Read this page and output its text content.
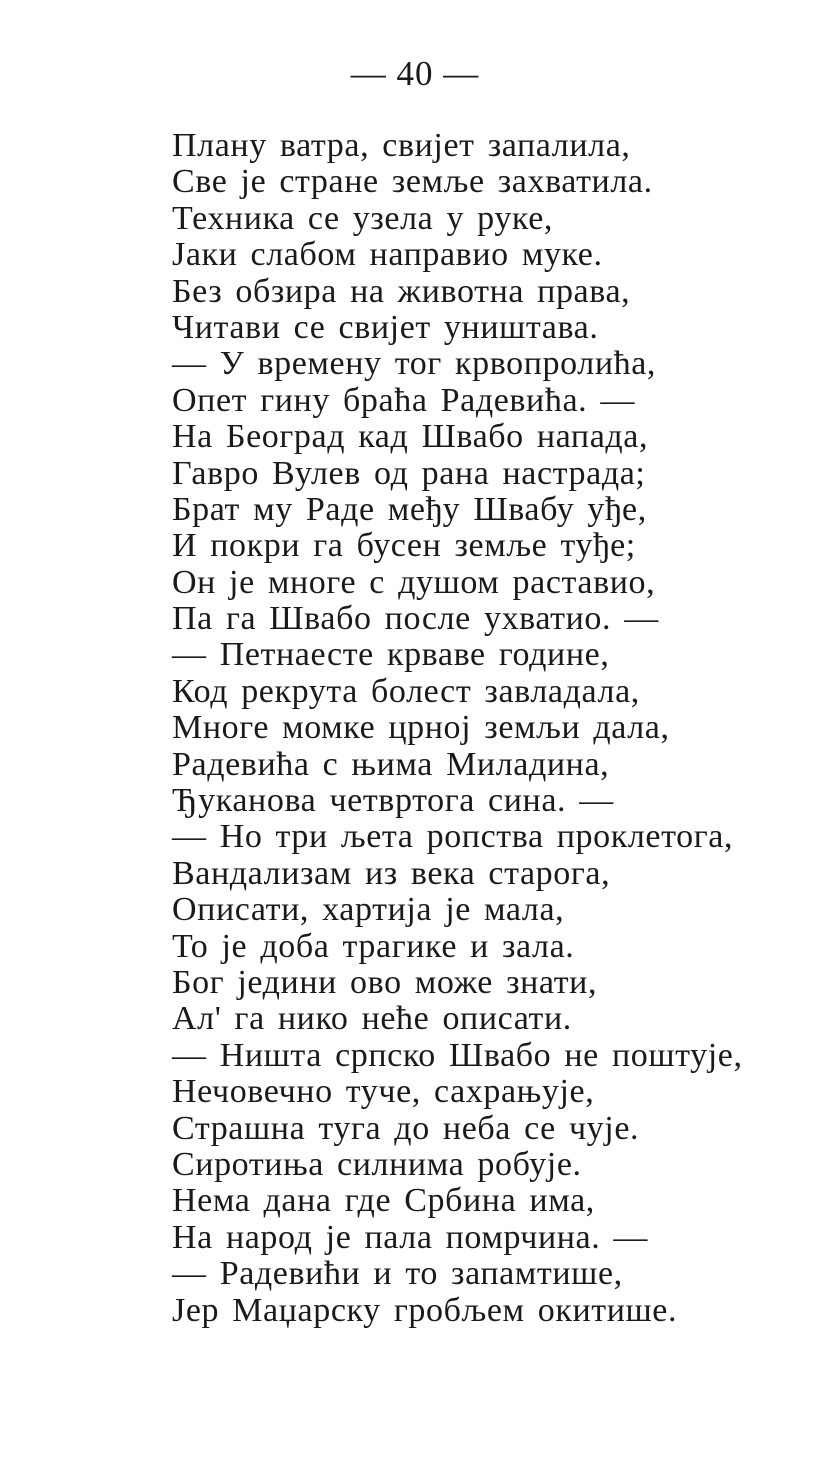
— 40 —
Плану ватра, свијет запалила,
Све је стране земље захватила.
Техника се узела у руке,
Јаки слабом направио муке.
Без обзира на животна права,
Читави се свијет уништава.
— У времену тог крвопролића,
Опет гину браћа Радевића. —
На Београд кад Швабо напада,
Гавро Вулев од рана настрада;
Брат му Раде међу Швабу уђе,
И покри га бусен земље туђе;
Он је многе с душом раставио,
Па га Швабо после ухватио. —
— Петнаесте крваве године,
Код рекрута болест завладала,
Многе момке црној земљи дала,
Радевића с њима Миладина,
Ђуканова четвртога сина. —
— Но три љета ропства проклетога,
Вандализам из века старога,
Описати, хартија је мала,
То је доба трагике и зала.
Бог једини ово може знати,
Ал' га нико неће описати.
— Ништа српско Швабо не поштује,
Нечовечно туче, сахрањује,
Страшна туга до неба се чује.
Сиротиња силнима робује.
Нема дана где Србина има,
На народ је пала помрчина. —
— Радевићи и то запамтише,
Јер Маџарску гробљем окитише.
